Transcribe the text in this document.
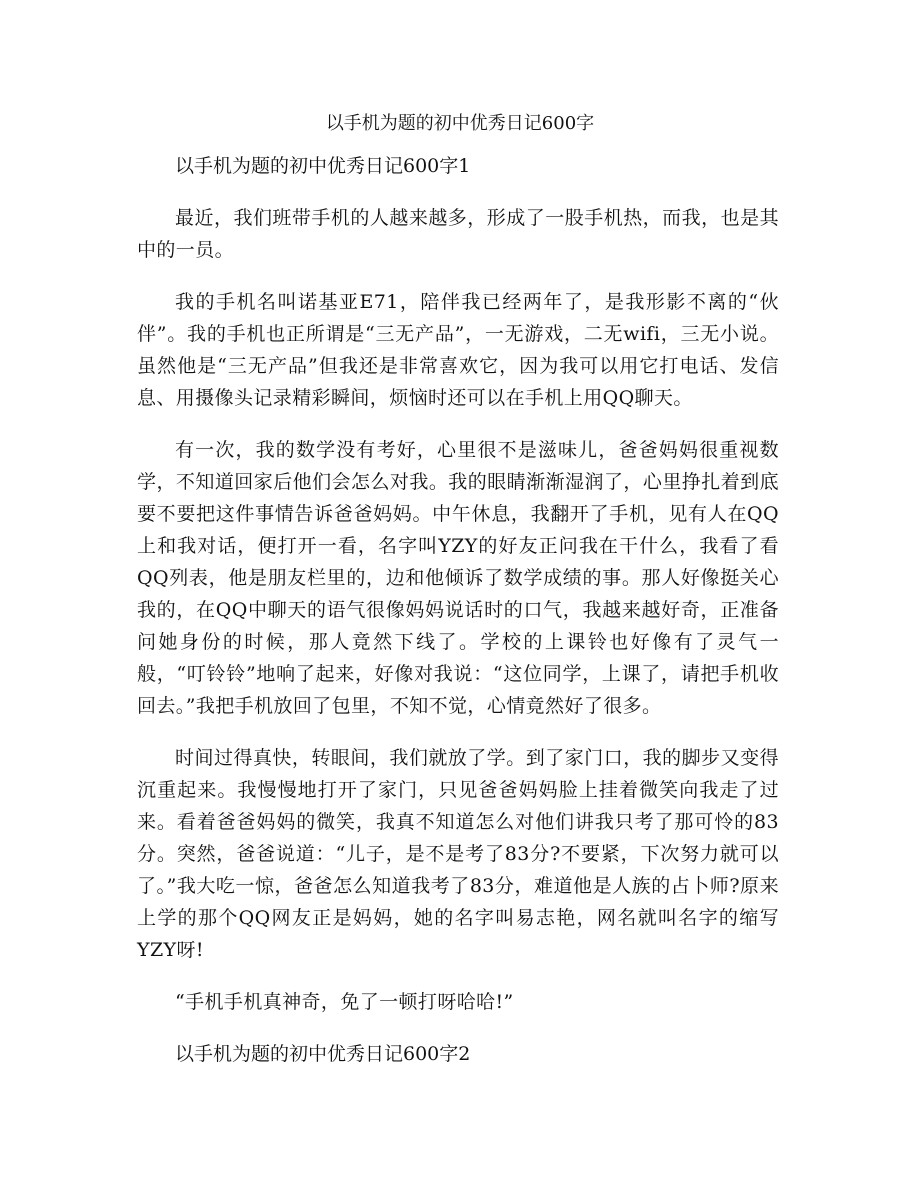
以手机为题的初中优秀日记600字

以手机为题的初中优秀日记600字1

最近，我们班带手机的人越来越多，形成了一股手机热，而我，也是其中的一员。

我的手机名叫诺基亚E71，陪伴我已经两年了，是我形影不离的“伙伴”。我的手机也正所谓是“三无产品”，一无游戏，二无wifi，三无小说。虽然他是“三无产品”但我还是非常喜欢它，因为我可以用它打电话、发信息、用摄像头记录精彩瞬间，烦恼时还可以在手机上用QQ聊天。

有一次，我的数学没有考好，心里很不是滋味儿，爸爸妈妈很重视数学，不知道回家后他们会怎么对我。我的眼睛渐渐湿润了，心里挣扎着到底要不要把这件事情告诉爸爸妈妈。中午休息，我翻开了手机，见有人在QQ上和我对话，便打开一看，名字叫YZY的好友正问我在干什么，我看了看QQ列表，他是朋友栏里的，边和他倾诉了数学成绩的事。那人好像挺关心我的，在QQ中聊天的语气很像妈妈说话时的口气，我越来越好奇，正准备问她身份的时候，那人竟然下线了。学校的上课铃也好像有了灵气一般，“叮铃铃”地响了起来，好像对我说：“这位同学，上课了，请把手机收回去。”我把手机放回了包里，不知不觉，心情竟然好了很多。

时间过得真快，转眼间，我们就放了学。到了家门口，我的脚步又变得沉重起来。我慢慢地打开了家门，只见爸爸妈妈脸上挂着微笑向我走了过来。看着爸爸妈妈的微笑，我真不知道怎么对他们讲我只考了那可怜的83分。突然，爸爸说道：“儿子，是不是考了83分?不要紧，下次努力就可以了。”我大吃一惊，爸爸怎么知道我考了83分，难道他是人族的占卜师?原来上学的那个QQ网友正是妈妈，她的名字叫易志艳，网名就叫名字的缩写YZY呀!

“手机手机真神奇，免了一顿打呀哈哈!”

以手机为题的初中优秀日记600字2
